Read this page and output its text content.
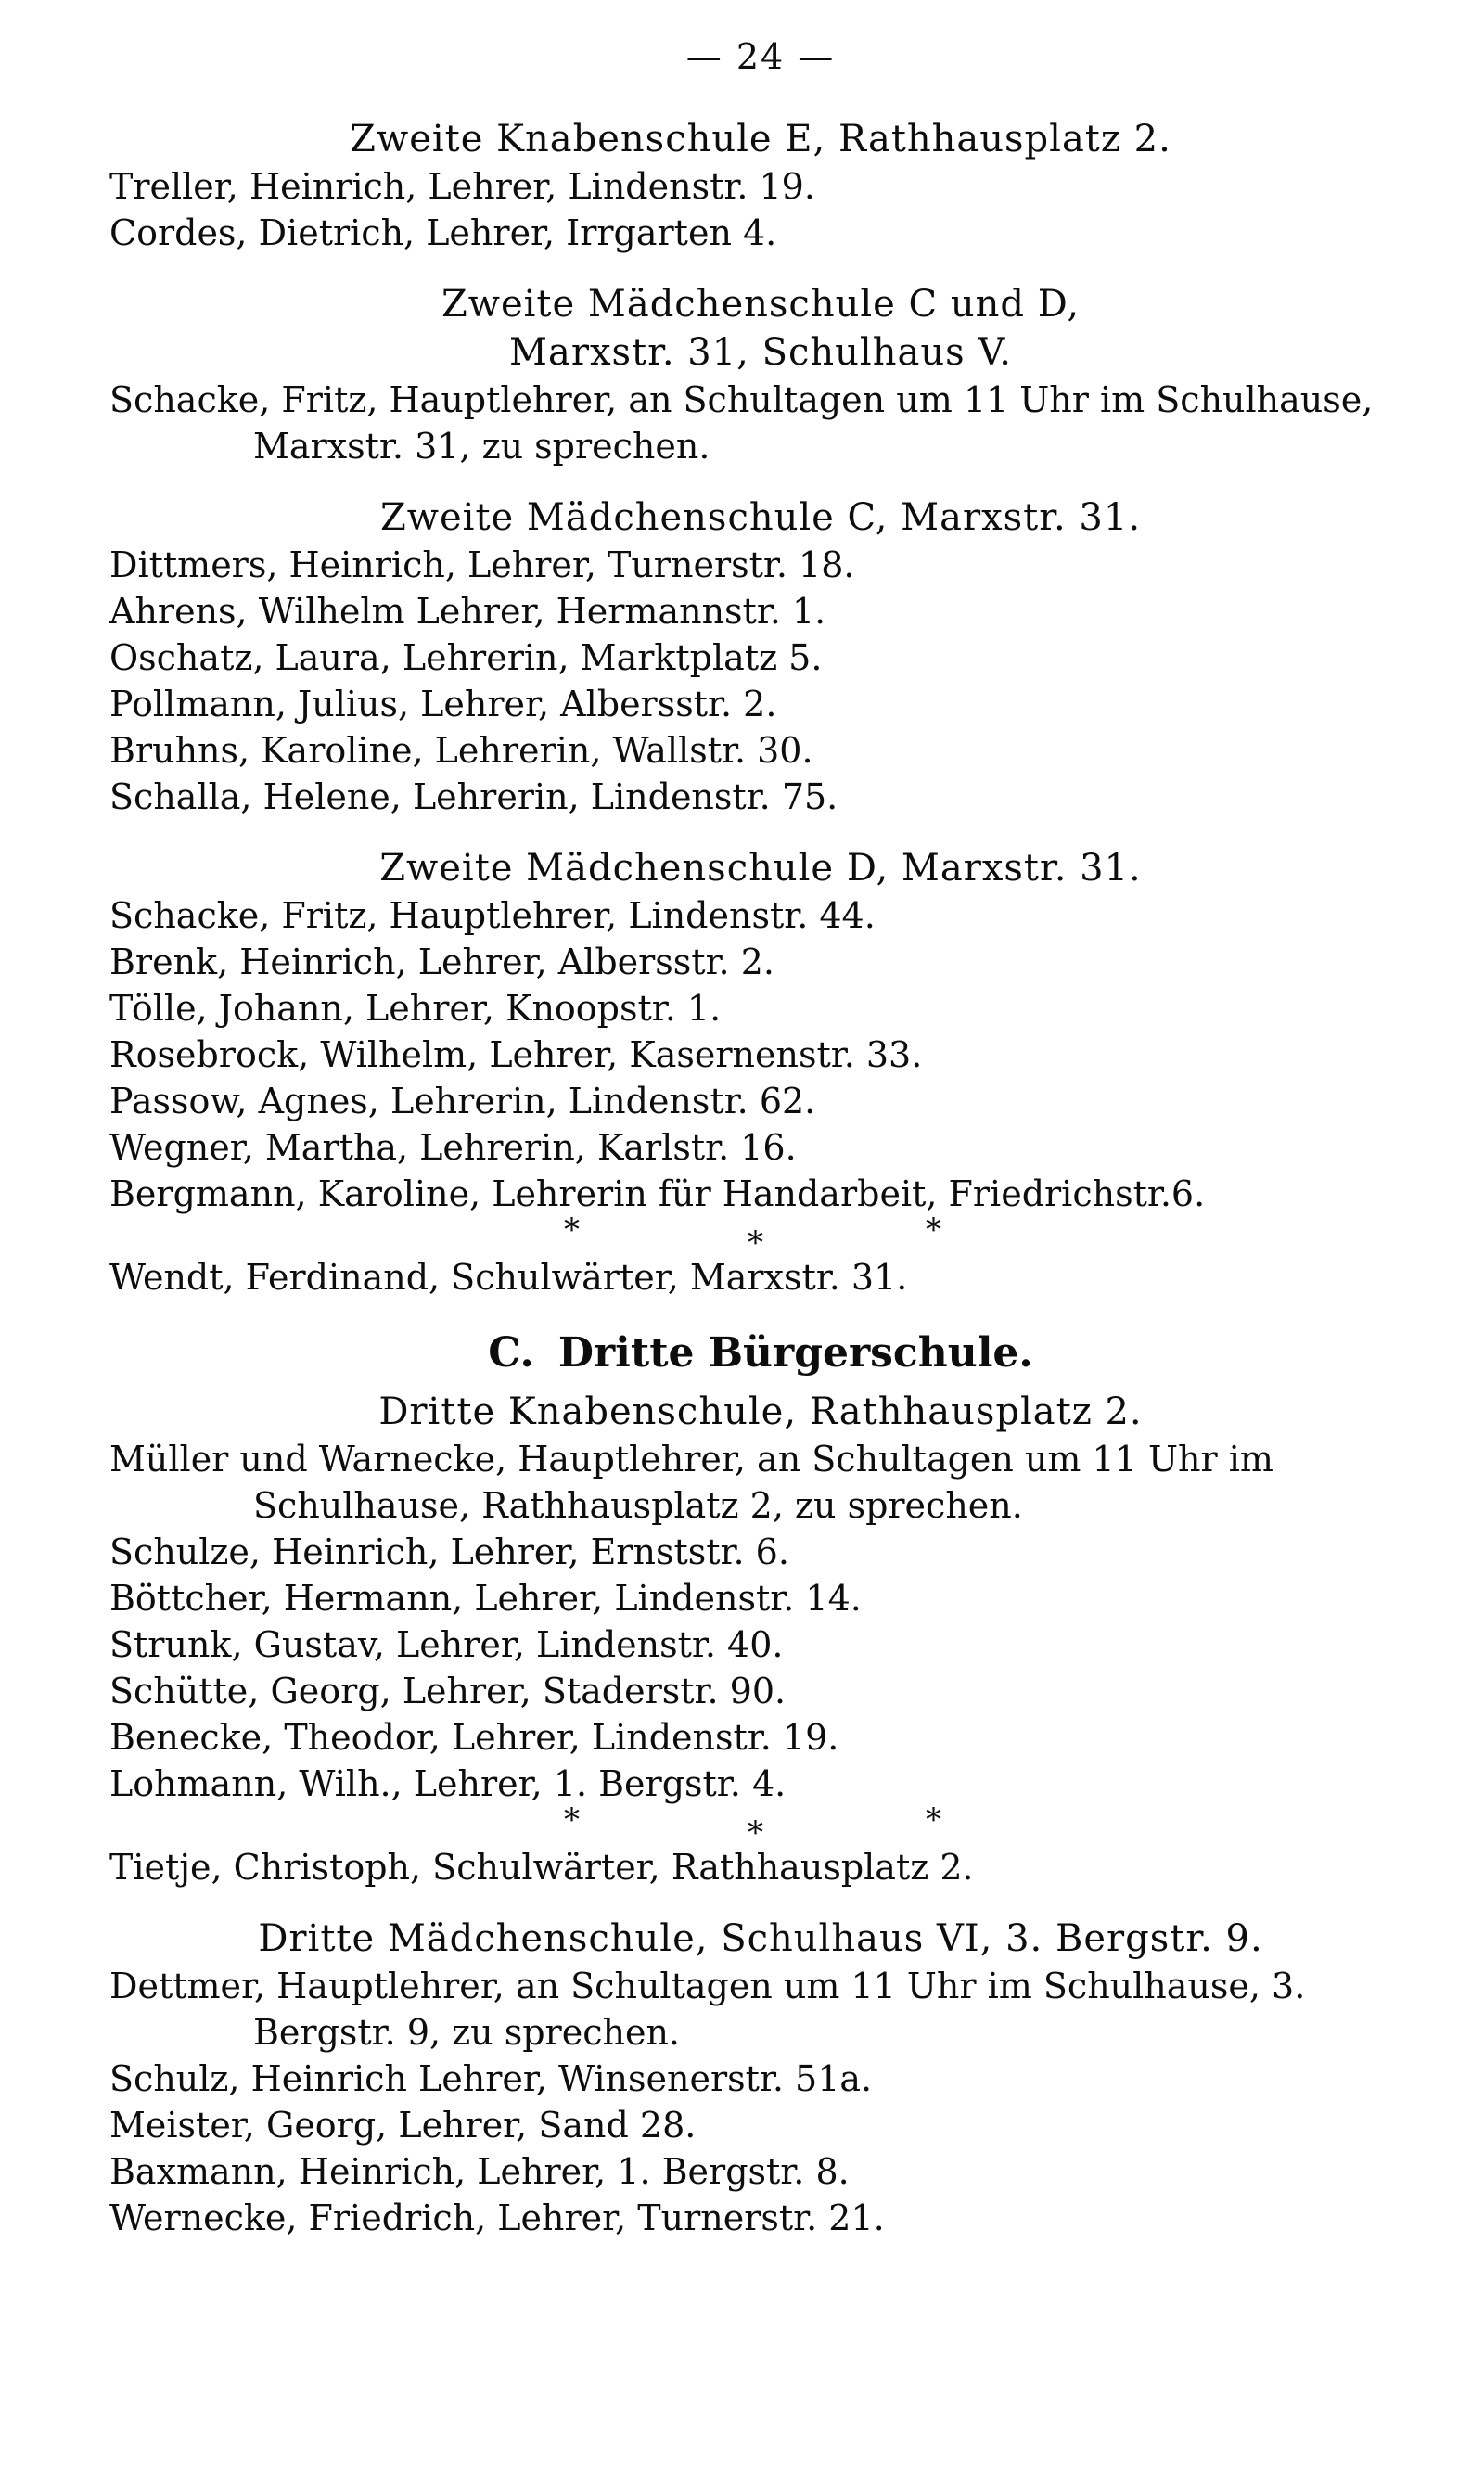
— 24 —
Zweite Knabenschule E, Rathhausplatz 2.
Treller, Heinrich, Lehrer, Lindenstr. 19.
Cordes, Dietrich, Lehrer, Irrgarten 4.
Zweite Mädchenschule C und D,
Marxstr. 31, Schulhaus V.
Schacke, Fritz, Hauptlehrer, an Schultagen um 11 Uhr im Schulhause, Marxstr. 31, zu sprechen.
Zweite Mädchenschule C, Marxstr. 31.
Dittmers, Heinrich, Lehrer, Turnerstr. 18.
Ahrens, Wilhelm Lehrer, Hermannstr. 1.
Oschatz, Laura, Lehrerin, Marktplatz 5.
Pollmann, Julius, Lehrer, Albersstr. 2.
Bruhns, Karoline, Lehrerin, Wallstr. 30.
Schalla, Helene, Lehrerin, Lindenstr. 75.
Zweite Mädchenschule D, Marxstr. 31.
Schacke, Fritz, Hauptlehrer, Lindenstr. 44.
Brenk, Heinrich, Lehrer, Albersstr. 2.
Tölle, Johann, Lehrer, Knoopstr. 1.
Rosebrock, Wilhelm, Lehrer, Kasernenstr. 33.
Passow, Agnes, Lehrerin, Lindenstr. 62.
Wegner, Martha, Lehrerin, Karlstr. 16.
Bergmann, Karoline, Lehrerin für Handarbeit, Friedrichstr.6.
*	*	*
Wendt, Ferdinand, Schulwärter, Marxstr. 31.
C. Dritte Bürgerschule.
Dritte Knabenschule, Rathhausplatz 2.
Müller und Warnecke, Hauptlehrer, an Schultagen um 11 Uhr im Schulhause, Rathhausplatz 2, zu sprechen.
Schulze, Heinrich, Lehrer, Ernststr. 6.
Böttcher, Hermann, Lehrer, Lindenstr. 14.
Strunk, Gustav, Lehrer, Lindenstr. 40.
Schütte, Georg, Lehrer, Staderstr. 90.
Benecke, Theodor, Lehrer, Lindenstr. 19.
Lohmann, Wilh., Lehrer, 1. Bergstr. 4.
*	*	*
Tietje, Christoph, Schulwärter, Rathhausplatz 2.
Dritte Mädchenschule, Schulhaus VI, 3. Bergstr. 9.
Dettmer, Hauptlehrer, an Schultagen um 11 Uhr im Schulhause, 3. Bergstr. 9, zu sprechen.
Schulz, Heinrich Lehrer, Winsenerstr. 51a.
Meister, Georg, Lehrer, Sand 28.
Baxmann, Heinrich, Lehrer, 1. Bergstr. 8.
Wernecke, Friedrich, Lehrer, Turnerstr. 21.
